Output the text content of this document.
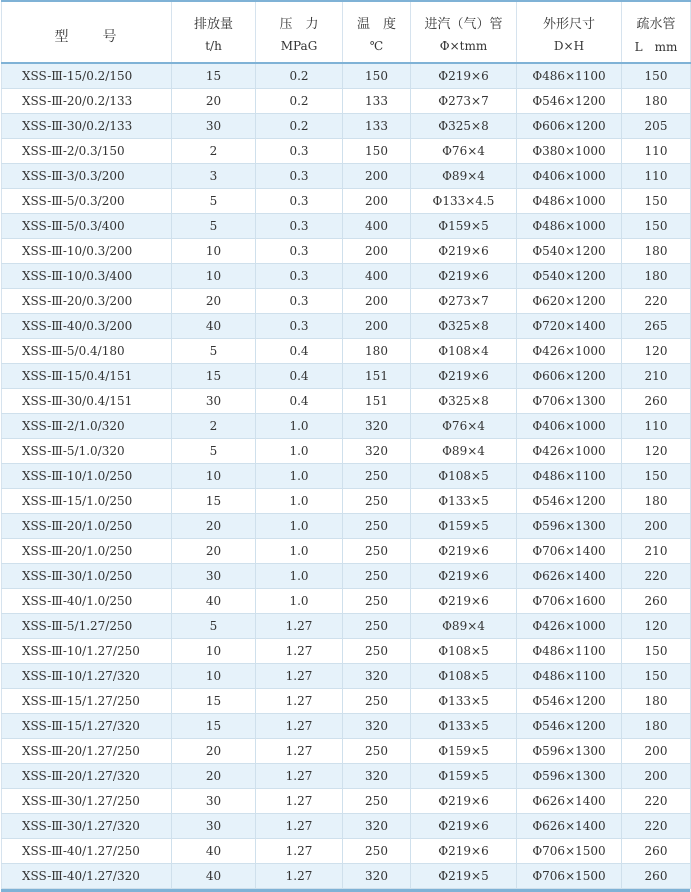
型　　号	排放量	压　力	温　度	进汽（气）管	外形尺寸	疏水管
	t/h	MPaG	℃	Φ×tmm	D×H	L　mm
XSS-Ⅲ-15/0.2/150	15	0.2	150	Φ219×6	Φ486×1100	150
XSS-Ⅲ-20/0.2/133	20	0.2	133	Φ273×7	Φ546×1200	180
XSS-Ⅲ-30/0.2/133	30	0.2	133	Φ325×8	Φ606×1200	205
XSS-Ⅲ-2/0.3/150	2	0.3	150	Φ76×4	Φ380×1000	110
XSS-Ⅲ-3/0.3/200	3	0.3	200	Φ89×4	Φ406×1000	110
XSS-Ⅲ-5/0.3/200	5	0.3	200	Φ133×4.5	Φ486×1000	150
XSS-Ⅲ-5/0.3/400	5	0.3	400	Φ159×5	Φ486×1000	150
XSS-Ⅲ-10/0.3/200	10	0.3	200	Φ219×6	Φ540×1200	180
XSS-Ⅲ-10/0.3/400	10	0.3	400	Φ219×6	Φ540×1200	180
XSS-Ⅲ-20/0.3/200	20	0.3	200	Φ273×7	Φ620×1200	220
XSS-Ⅲ-40/0.3/200	40	0.3	200	Φ325×8	Φ720×1400	265
XSS-Ⅲ-5/0.4/180	5	0.4	180	Φ108×4	Φ426×1000	120
XSS-Ⅲ-15/0.4/151	15	0.4	151	Φ219×6	Φ606×1200	210
XSS-Ⅲ-30/0.4/151	30	0.4	151	Φ325×8	Φ706×1300	260
XSS-Ⅲ-2/1.0/320	2	1.0	320	Φ76×4	Φ406×1000	110
XSS-Ⅲ-5/1.0/320	5	1.0	320	Φ89×4	Φ426×1000	120
XSS-Ⅲ-10/1.0/250	10	1.0	250	Φ108×5	Φ486×1100	150
XSS-Ⅲ-15/1.0/250	15	1.0	250	Φ133×5	Φ546×1200	180
XSS-Ⅲ-20/1.0/250	20	1.0	250	Φ159×5	Φ596×1300	200
XSS-Ⅲ-20/1.0/250	20	1.0	250	Φ219×6	Φ706×1400	210
XSS-Ⅲ-30/1.0/250	30	1.0	250	Φ219×6	Φ626×1400	220
XSS-Ⅲ-40/1.0/250	40	1.0	250	Φ219×6	Φ706×1600	260
XSS-Ⅲ-5/1.27/250	5	1.27	250	Φ89×4	Φ426×1000	120
XSS-Ⅲ-10/1.27/250	10	1.27	250	Φ108×5	Φ486×1100	150
XSS-Ⅲ-10/1.27/320	10	1.27	320	Φ108×5	Φ486×1100	150
XSS-Ⅲ-15/1.27/250	15	1.27	250	Φ133×5	Φ546×1200	180
XSS-Ⅲ-15/1.27/320	15	1.27	320	Φ133×5	Φ546×1200	180
XSS-Ⅲ-20/1.27/250	20	1.27	250	Φ159×5	Φ596×1300	200
XSS-Ⅲ-20/1.27/320	20	1.27	320	Φ159×5	Φ596×1300	200
XSS-Ⅲ-30/1.27/250	30	1.27	250	Φ219×6	Φ626×1400	220
XSS-Ⅲ-30/1.27/320	30	1.27	320	Φ219×6	Φ626×1400	220
XSS-Ⅲ-40/1.27/250	40	1.27	250	Φ219×6	Φ706×1500	260
XSS-Ⅲ-40/1.27/320	40	1.27	320	Φ219×5	Φ706×1500	260
